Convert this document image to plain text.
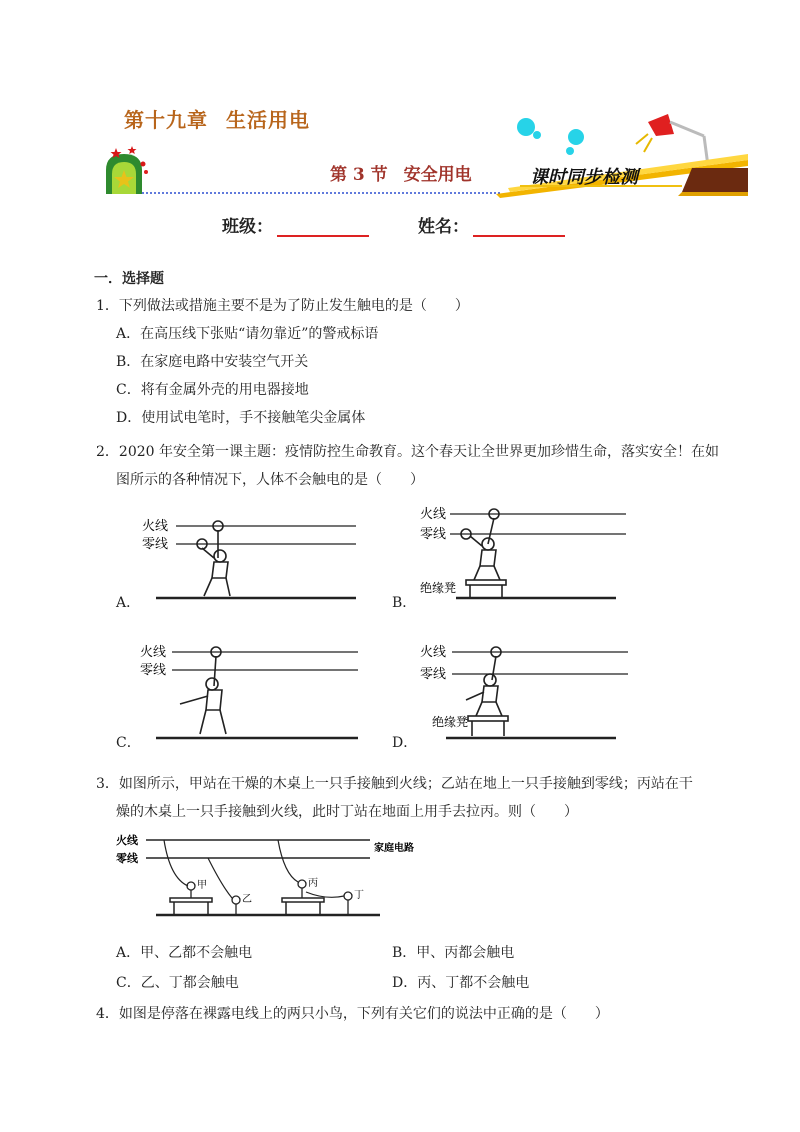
第十九章 生活用电
第 3 节 安全用电	课时同步检测
班级：	姓名：
一．选择题
1．下列做法或措施主要不是为了防止发生触电的是（　　）
A．在高压线下张贴“请勿靠近”的警戒标语
B．在家庭电路中安装空气开关
C．将有金属外壳的用电器接地
D．使用试电笔时，手不接触笔尖金属体
2．2020 年安全第一课主题：疫情防控生命教育。这个春天让全世界更加珍惜生命，落实安全！在如
图所示的各种情况下，人体不会触电的是（　　）
A．
火线
零线
B．
火线
零线
绝缘凳
C．
火线
零线
D．
火线
零线
绝缘凳
3．如图所示，甲站在干燥的木桌上一只手接触到火线；乙站在地上一只手接触到零线；丙站在干
燥的木桌上一只手接触到火线，此时丁站在地面上用手去拉丙。则（　　）
火线
零线
家庭电路
甲
乙
丙
丁
A．甲、乙都不会触电	B．甲、丙都会触电
C．乙、丁都会触电	D．丙、丁都不会触电
4．如图是停落在裸露电线上的两只小鸟，下列有关它们的说法中正确的是（　　）
